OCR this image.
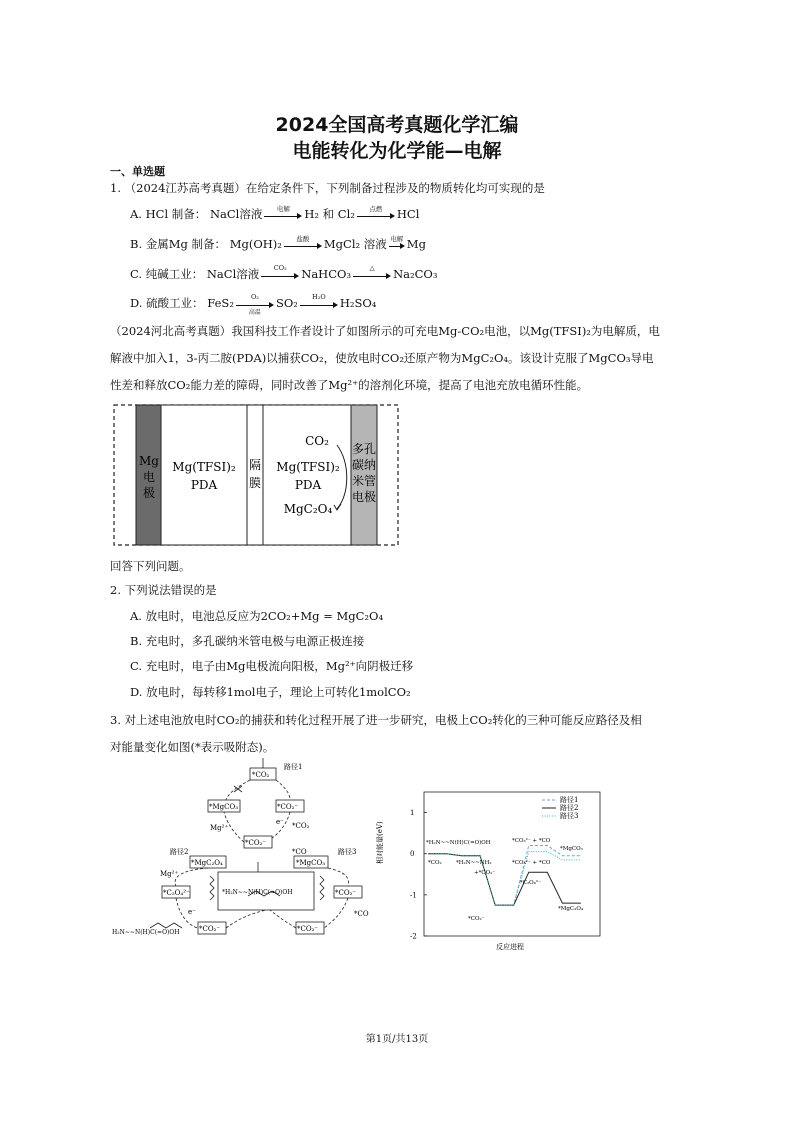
2024全国高考真题化学汇编
电能转化为化学能—电解
一、单选题
1. （2024江苏高考真题）在给定条件下，下列制备过程涉及的物质转化均可实现的是
A. HCl 制备： NaCl溶液	电解	H₂ 和 Cl₂	点燃	HCl
B. 金属Mg 制备： Mg(OH)₂	盐酸	MgCl₂ 溶液 电解 Mg
C. 纯碱工业： NaCl溶液	CO₂	NaHCO₃	△	Na₂CO₃
D. 硫酸工业： FeS₂	O₂
高温
SO₂	H₂O	H₂SO₄
（2024河北高考真题）我国科技工作者设计了如图所示的可充电Mg-CO₂电池，以Mg(TFSI)₂为电解质，电
解液中加入1，3-丙二胺(PDA)以捕获CO₂，使放电时CO₂还原产物为MgC₂O₄。该设计克服了MgCO₃导电
性差和释放CO₂能力差的障碍，同时改善了Mg²⁺的溶剂化环境，提高了电池充放电循环性能。
Mg
电
极
Mg(TFSI)₂
PDA
隔
膜
CO₂
Mg(TFSI)₂
PDA
MgC₂O₄
多孔
碳纳
米管
电极
回答下列问题。
2. 下列说法错误的是
A. 放电时，电池总反应为2CO₂+Mg = MgC₂O₄
B. 充电时，多孔碳纳米管电极与电源正极连接
C. 充电时，电子由Mg电极流向阳极，Mg²⁺向阴极迁移
D. 放电时，每转移1mol电子，理论上可转化1molCO₂
3. 对上述电池放电时CO₂的捕获和转化过程开展了进一步研究，电极上CO₂转化的三种可能反应路径及相
对能量变化如图(*表示吸附态)。
路径1
路径2	路径3
*CO₂
*MgCO₃	*CO₂⁻
*CO₂⁻
*MgC₂O₄	*MgCO₃
*C₂O₄²⁻	*CO₂⁻
*CO₂⁻	*CO₂⁻
*H₂N~~N(H)C(=O)OH
H₂N~~N(H)C(=O)OH
*CO
*CO
*CO₂
Mg²⁺
Mg²⁺
e⁻
e⁻
相对能量(eV)
反应进程
1
0
-1
-2
路径1
路径2
路径3
*H₂N~~N(H)C(=O)OH
*CO₂	*H₂N~~NH₂
+*CO₂⁻
*CO₂⁻
*CO₃²⁻ + *CO
*CO₃²⁻ + *CO
*MgCO₃
*C₂O₄²⁻
*MgC₂O₄
第1页/共13页
